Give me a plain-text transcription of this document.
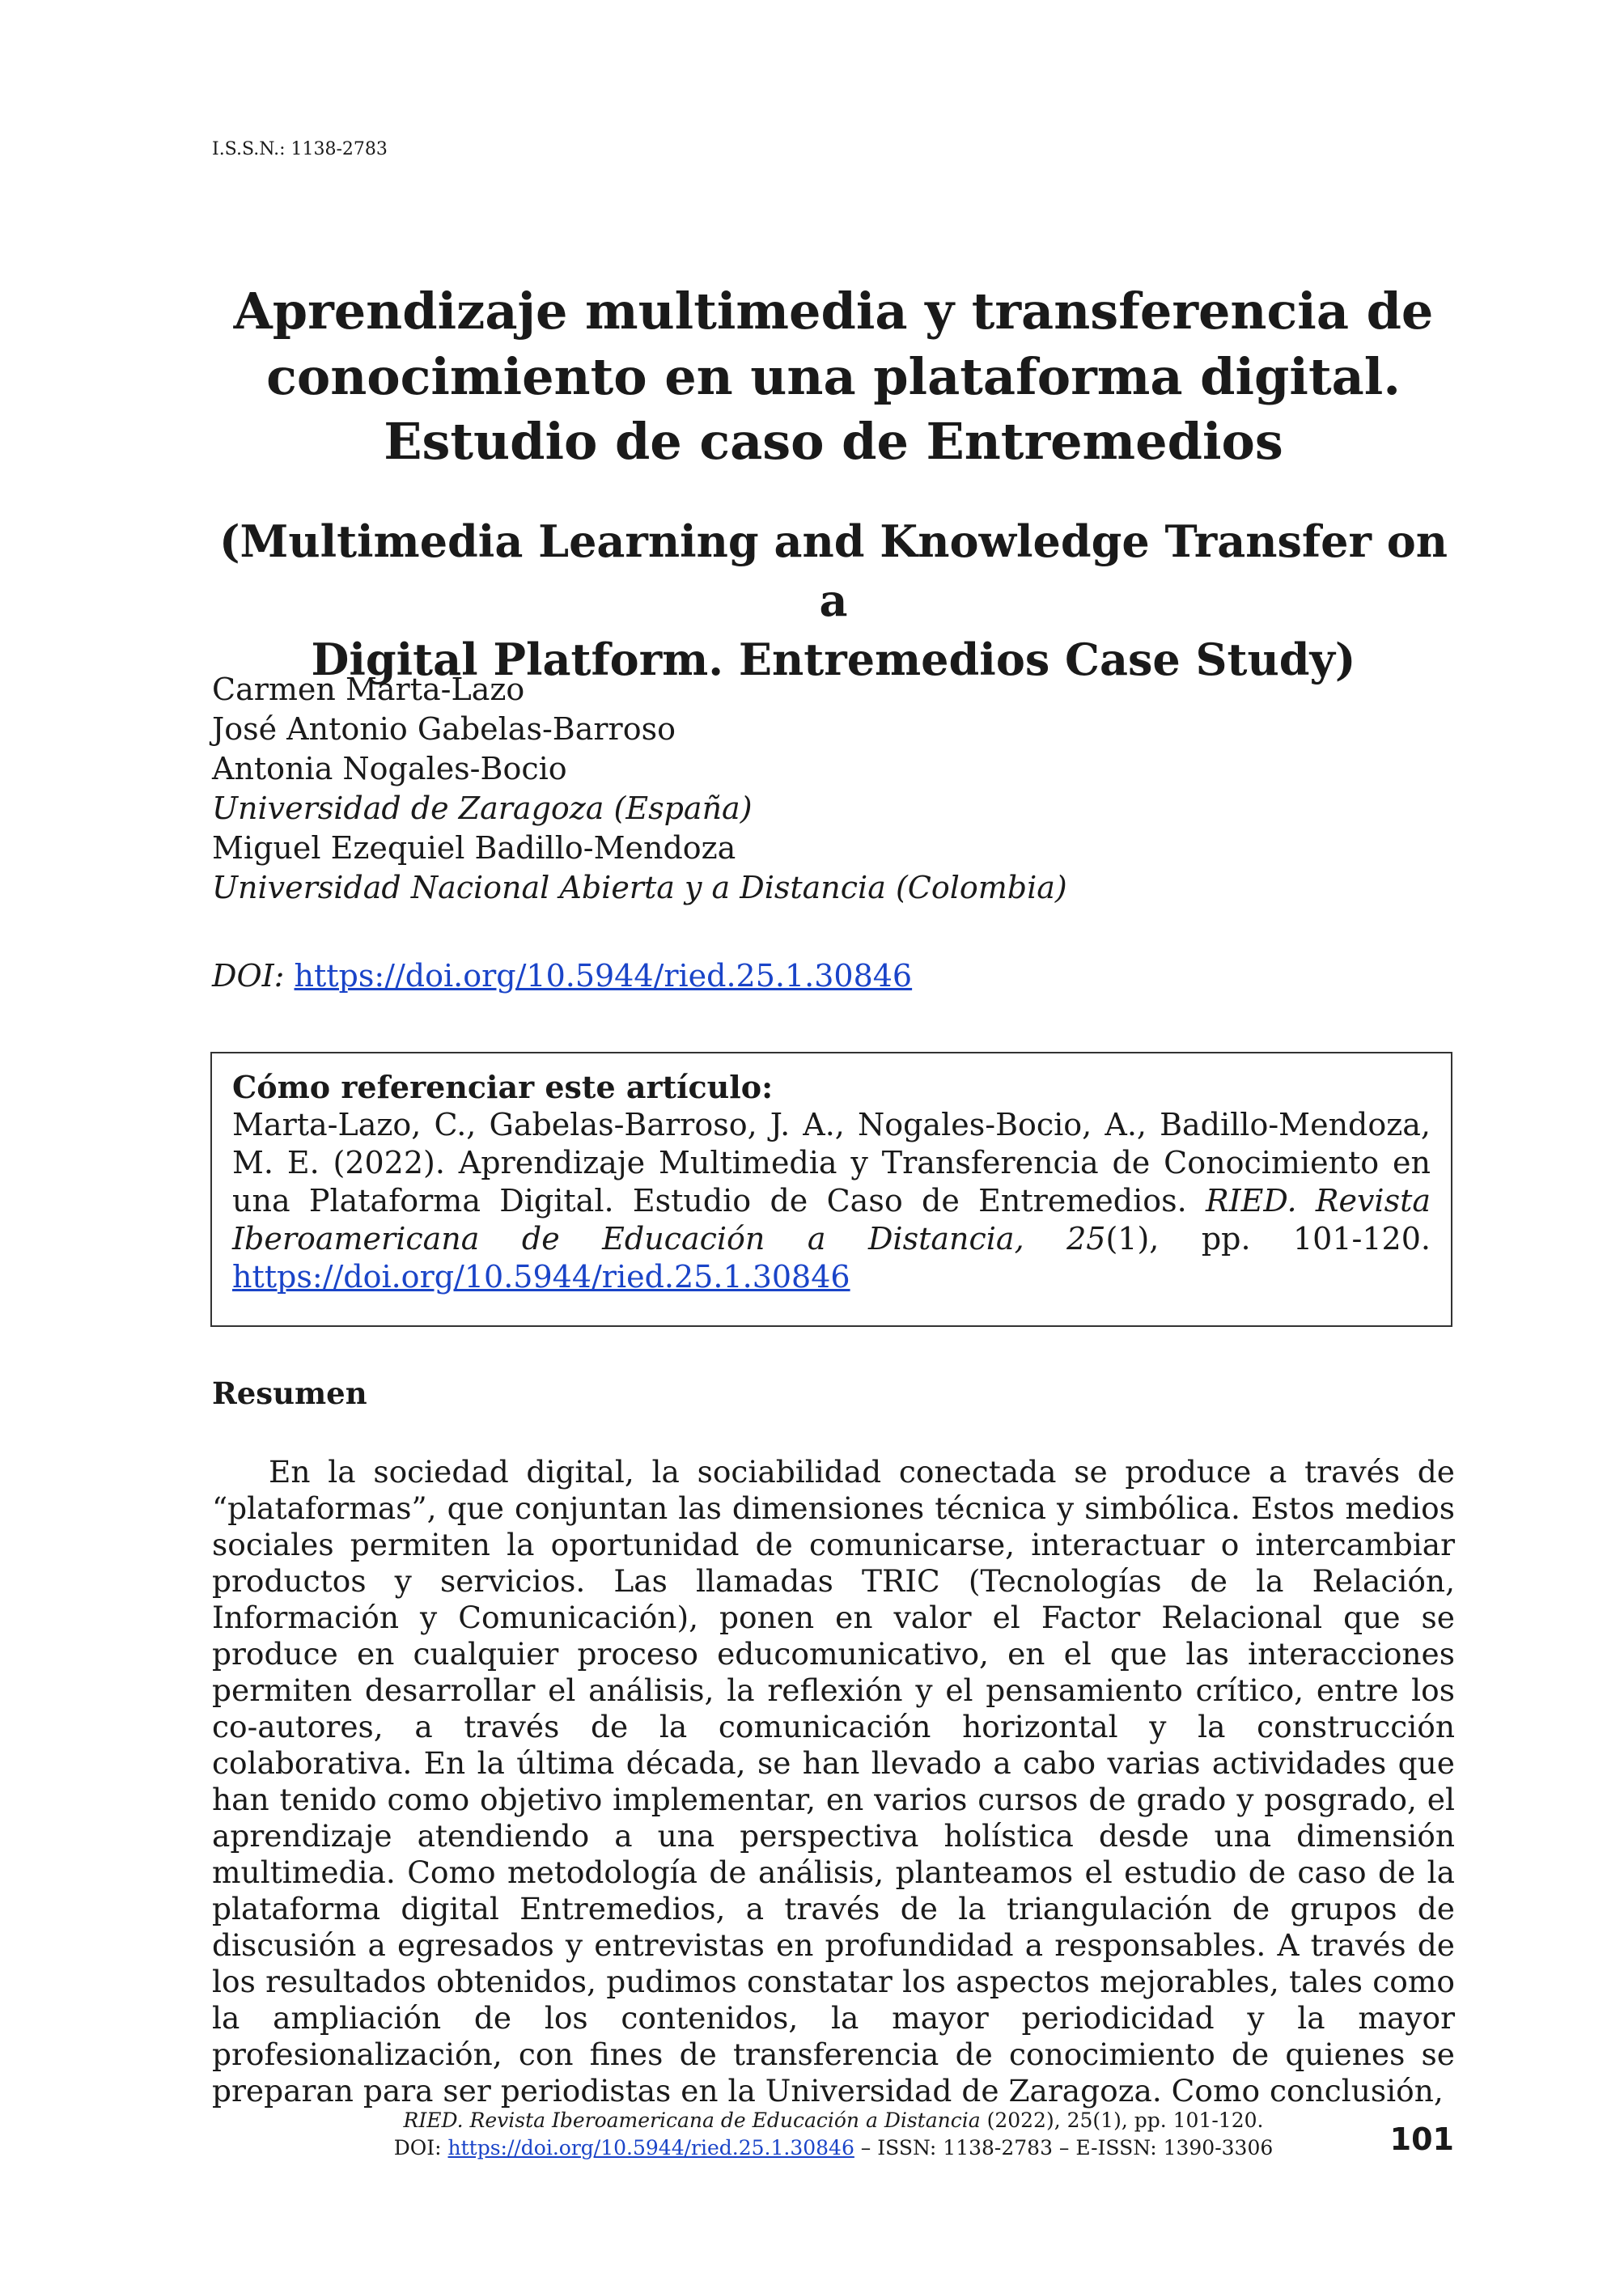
I.S.S.N.: 1138-2783
Aprendizaje multimedia y transferencia de
conocimiento en una plataforma digital.
Estudio de caso de Entremedios
(Multimedia Learning and Knowledge Transfer on a
Digital Platform. Entremedios Case Study)
Carmen Marta-Lazo
José Antonio Gabelas-Barroso
Antonia Nogales-Bocio
Universidad de Zaragoza (España)
Miguel Ezequiel Badillo-Mendoza
Universidad Nacional Abierta y a Distancia (Colombia)
DOI: https://doi.org/10.5944/ried.25.1.30846
Cómo referenciar este artículo:
Marta-Lazo, C., Gabelas-Barroso, J. A., Nogales-Bocio, A., Badillo-Mendoza, M. E. (2022). Aprendizaje Multimedia y Transferencia de Conocimiento en una Plataforma Digital. Estudio de Caso de Entremedios. RIED. Revista Iberoamericana de Educación a Distancia, 25(1), pp. 101-120. https://doi.org/10.5944/ried.25.1.30846
Resumen

En la sociedad digital, la sociabilidad conectada se produce a través de “plataformas”, que conjuntan las dimensiones técnica y simbólica. Estos medios sociales permiten la oportunidad de comunicarse, interactuar o intercambiar productos y servicios. Las llamadas TRIC (Tecnologías de la Relación, Información y Comunicación), ponen en valor el Factor Relacional que se produce en cualquier proceso educomunicativo, en el que las interacciones permiten desarrollar el análisis, la reflexión y el pensamiento crítico, entre los co-autores, a través de la comunicación horizontal y la construcción colaborativa. En la última década, se han llevado a cabo varias actividades que han tenido como objetivo implementar, en varios cursos de grado y posgrado, el aprendizaje atendiendo a una perspectiva holística desde una dimensión multimedia. Como metodología de análisis, planteamos el estudio de caso de la plataforma digital Entremedios, a través de la triangulación de grupos de discusión a egresados y entrevistas en profundidad a responsables. A través de los resultados obtenidos, pudimos constatar los aspectos mejorables, tales como la ampliación de los contenidos, la mayor periodicidad y la mayor profesionalización, con fines de transferencia de conocimiento de quienes se preparan para ser periodistas en la Universidad de Zaragoza. Como conclusión,

RIED. Revista Iberoamericana de Educación a Distancia (2022), 25(1), pp. 101-120.
DOI: https://doi.org/10.5944/ried.25.1.30846 – ISSN: 1138-2783 – E-ISSN: 1390-3306	101
